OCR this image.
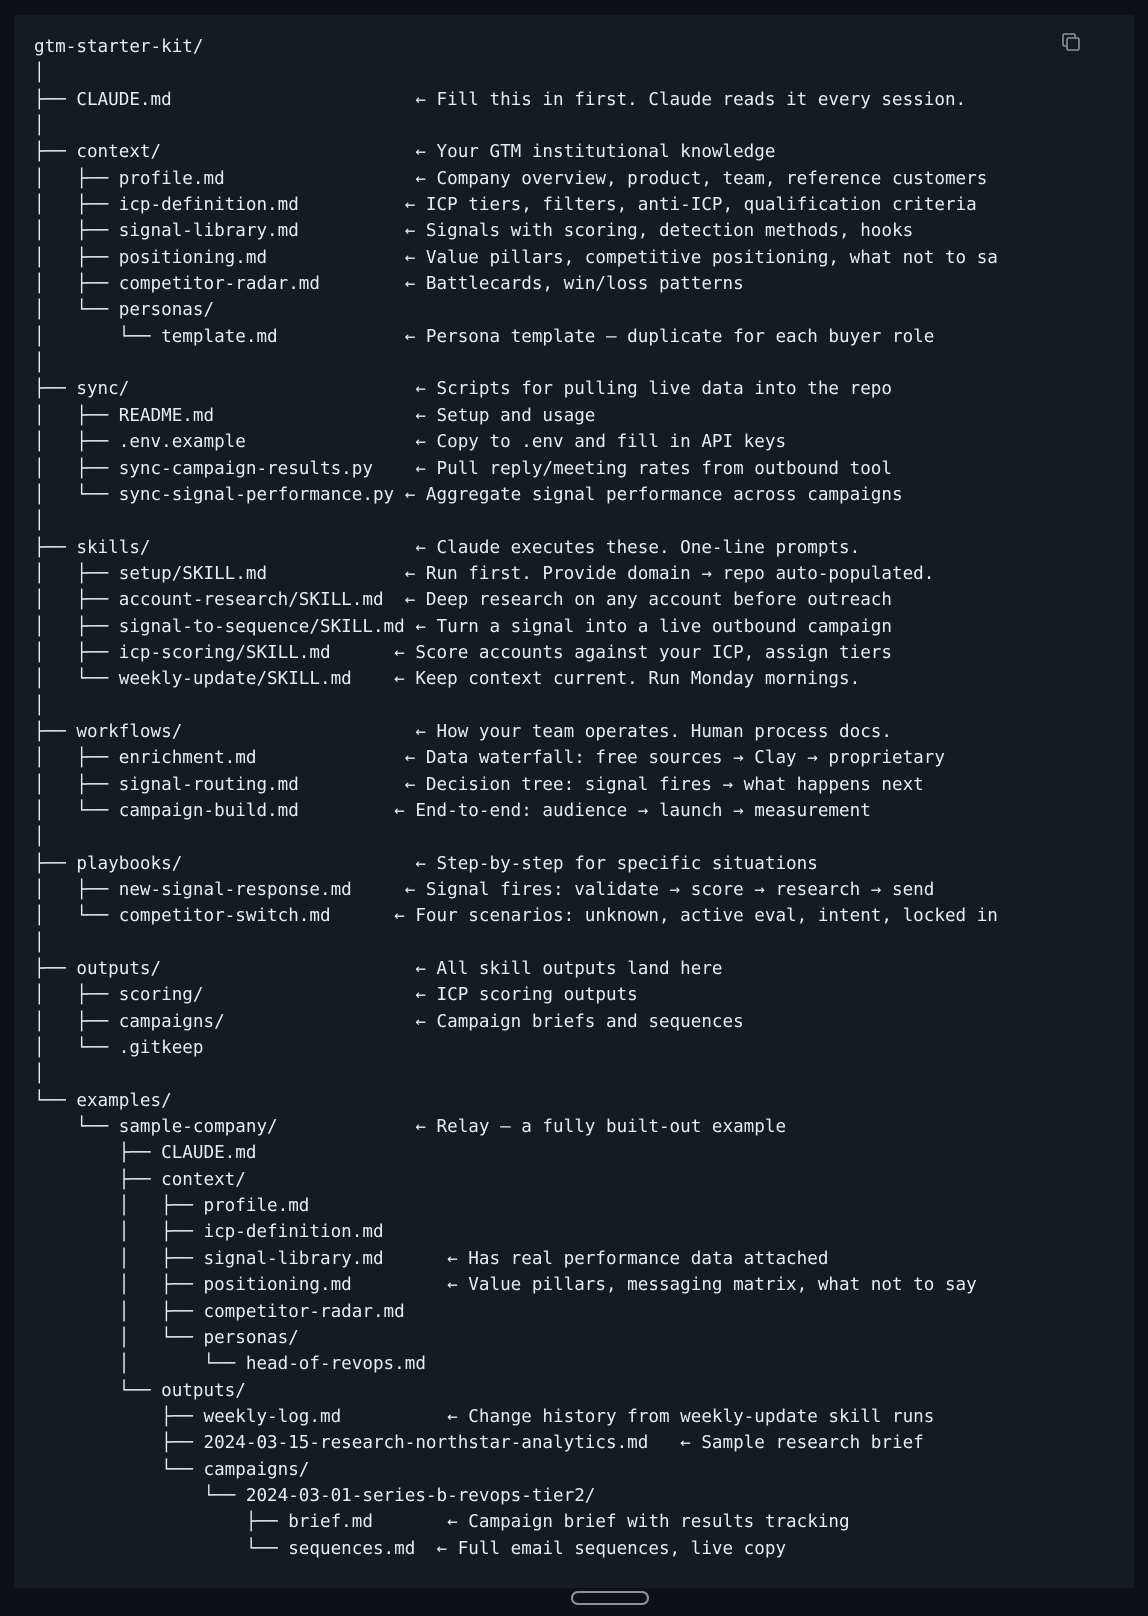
gtm-starter-kit/
│
├── CLAUDE.md                       ← Fill this in first. Claude reads it every session.
│
├── context/                        ← Your GTM institutional knowledge
│   ├── profile.md                  ← Company overview, product, team, reference customers
│   ├── icp-definition.md          ← ICP tiers, filters, anti-ICP, qualification criteria
│   ├── signal-library.md          ← Signals with scoring, detection methods, hooks
│   ├── positioning.md             ← Value pillars, competitive positioning, what not to sa
│   ├── competitor-radar.md        ← Battlecards, win/loss patterns
│   └── personas/
│       └── template.md            ← Persona template — duplicate for each buyer role
│
├── sync/                           ← Scripts for pulling live data into the repo
│   ├── README.md                   ← Setup and usage
│   ├── .env.example                ← Copy to .env and fill in API keys
│   ├── sync-campaign-results.py    ← Pull reply/meeting rates from outbound tool
│   └── sync-signal-performance.py ← Aggregate signal performance across campaigns
│
├── skills/                         ← Claude executes these. One-line prompts.
│   ├── setup/SKILL.md             ← Run first. Provide domain → repo auto-populated.
│   ├── account-research/SKILL.md  ← Deep research on any account before outreach
│   ├── signal-to-sequence/SKILL.md ← Turn a signal into a live outbound campaign
│   ├── icp-scoring/SKILL.md      ← Score accounts against your ICP, assign tiers
│   └── weekly-update/SKILL.md    ← Keep context current. Run Monday mornings.
│
├── workflows/                      ← How your team operates. Human process docs.
│   ├── enrichment.md              ← Data waterfall: free sources → Clay → proprietary
│   ├── signal-routing.md          ← Decision tree: signal fires → what happens next
│   └── campaign-build.md         ← End-to-end: audience → launch → measurement
│
├── playbooks/                      ← Step-by-step for specific situations
│   ├── new-signal-response.md     ← Signal fires: validate → score → research → send
│   └── competitor-switch.md      ← Four scenarios: unknown, active eval, intent, locked in
│
├── outputs/                        ← All skill outputs land here
│   ├── scoring/                    ← ICP scoring outputs
│   ├── campaigns/                  ← Campaign briefs and sequences
│   └── .gitkeep
│
└── examples/
└── sample-company/             ← Relay — a fully built-out example
├── CLAUDE.md
├── context/
│   ├── profile.md
│   ├── icp-definition.md
│   ├── signal-library.md      ← Has real performance data attached
│   ├── positioning.md         ← Value pillars, messaging matrix, what not to say
│   ├── competitor-radar.md
│   └── personas/
│       └── head-of-revops.md
└── outputs/
├── weekly-log.md          ← Change history from weekly-update skill runs
├── 2024-03-15-research-northstar-analytics.md   ← Sample research brief
└── campaigns/
└── 2024-03-01-series-b-revops-tier2/
├── brief.md       ← Campaign brief with results tracking
└── sequences.md  ← Full email sequences, live copy
